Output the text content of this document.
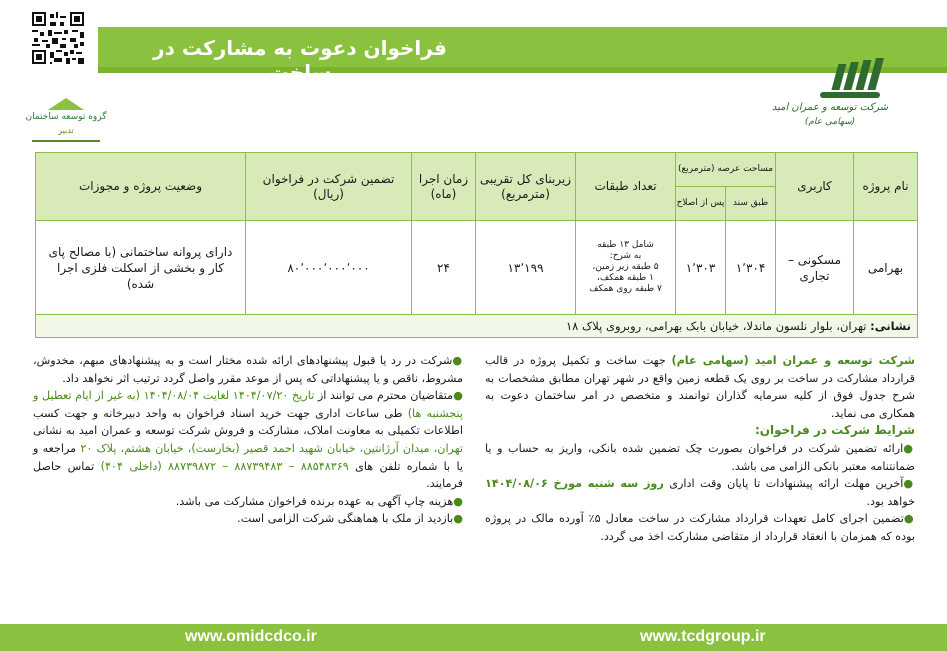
فراخوان دعوت به مشارکت در ساخت
شرکت توسعه و عمران امید
(سهامی عام)
گروه توسعه ساختمان
تدبیر
نام پروژه	کاربری	مساحت عرصه (مترمربع)		تعداد طبقات	زیربنای کل تقریبی (مترمربع)	زمان اجرا (ماه)	تضمین شرکت در فراخوان (ریال)	وضعیت پروژه و مجوزات
		طبق سند	پس از اصلاح					
بهرامی	مسکونی – تجاری	۱٬۳۰۴	۱٬۳۰۳	شامل ۱۳ طبقه
به شرح:
۵ طبقه زیر زمین،
۱ طبقه همکف،
۷ طبقه روی همکف	۱۳٬۱۹۹	۲۴	۸۰٬۰۰۰٬۰۰۰٬۰۰۰	دارای پروانه ساختمانی (با مصالح پای کار و بخشی از اسکلت فلزی اجرا شده)
نشانی: تهران، بلوار نلسون ماندلا، خیابان بابک بهرامی، روبروی پلاک ۱۸								

شرکت توسعه و عمران امید (سهامی عام) جهت ساخت و تکمیل پروژه در قالب قرارداد مشارکت در ساخت بر روی یک قطعه زمین واقع در شهر تهران مطابق مشخصات به شرح جدول فوق از کلیه سرمایه گذاران توانمند و متخصص در امر ساختمان دعوت به همکاری می نماید.

شرایط شرکت در فراخوان:

●ارائه تضمین شرکت در فراخوان بصورت چک تضمین شده بانکی، واریز به حساب و یا ضمانتنامه معتبر بانکی الزامی می باشد.

●آخرین مهلت ارائه پیشنهادات تا پایان وقت اداری روز سه شنبه مورخ ۱۴۰۴/۰۸/۰۶ خواهد بود.

●تضمین اجرای کامل تعهدات قرارداد مشارکت در ساخت معادل ۵٪ آورده مالک در پروژه بوده که همزمان با انعقاد قرارداد از متقاضی مشارکت اخذ می گردد.

●شرکت در رد یا قبول پیشنهادهای ارائه شده مختار است و به پیشنهادهای مبهم، مخدوش، مشروط، ناقص و یا پیشنهاداتی که پس از موعد مقرر واصل گردد ترتیب اثر نخواهد داد.

●متقاضیان محترم می توانند از تاریخ ۱۴۰۴/۰۷/۲۰ لغایت ۱۴۰۴/۰۸/۰۴ (به غیر از ایام تعطیل و پنجشنبه ها) طی ساعات اداری جهت خرید اسناد فراخوان به واحد دبیرخانه و جهت کسب اطلاعات تکمیلی به معاونت املاک، مشارکت و فروش شرکت توسعه و عمران امید به نشانی تهران، میدان آرژانتین، خیابان شهید احمد قصیر (بخارست)، خیابان هشتم، پلاک ۲۰ مراجعه و یا با شماره تلفن های ۸۸۵۴۸۳۶۹ – ۸۸۷۳۹۴۸۳ – ۸۸۷۳۹۸۷۲ (داخلی ۴۰۴) تماس حاصل فرمایند.

●هزینه چاپ آگهی به عهده برنده فراخوان مشارکت می باشد.

●بازدید از ملک با هماهنگی شرکت الزامی است.

www.omidcdco.ir	www.tcdgroup.ir
